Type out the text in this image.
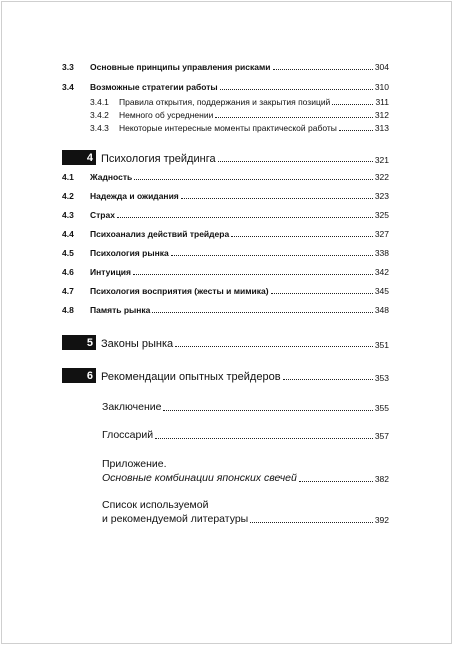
3.3	Основные принципы управления рисками	304
3.4	Возможные стратегии работы	310
3.4.1	Правила открытия, поддержания и закрытия позиций	311
3.4.2	Немного об усреднении	312
3.4.3	Некоторые интересные моменты практической работы	313
4 Психология трейдинга	321
4.1	Жадность	322
4.2	Надежда и ожидания	323
4.3	Страх	325
4.4	Психоанализ действий трейдера	327
4.5	Психология рынка	338
4.6	Интуиция	342
4.7	Психология восприятия (жесты и мимика)	345
4.8	Память рынка	348
5 Законы рынка	351
6 Рекомендации опытных трейдеров	353
Заключение	355
Глоссарий	357
Приложение.
Основные комбинации японских свечей	382
Список используемой
и рекомендуемой литературы	392
